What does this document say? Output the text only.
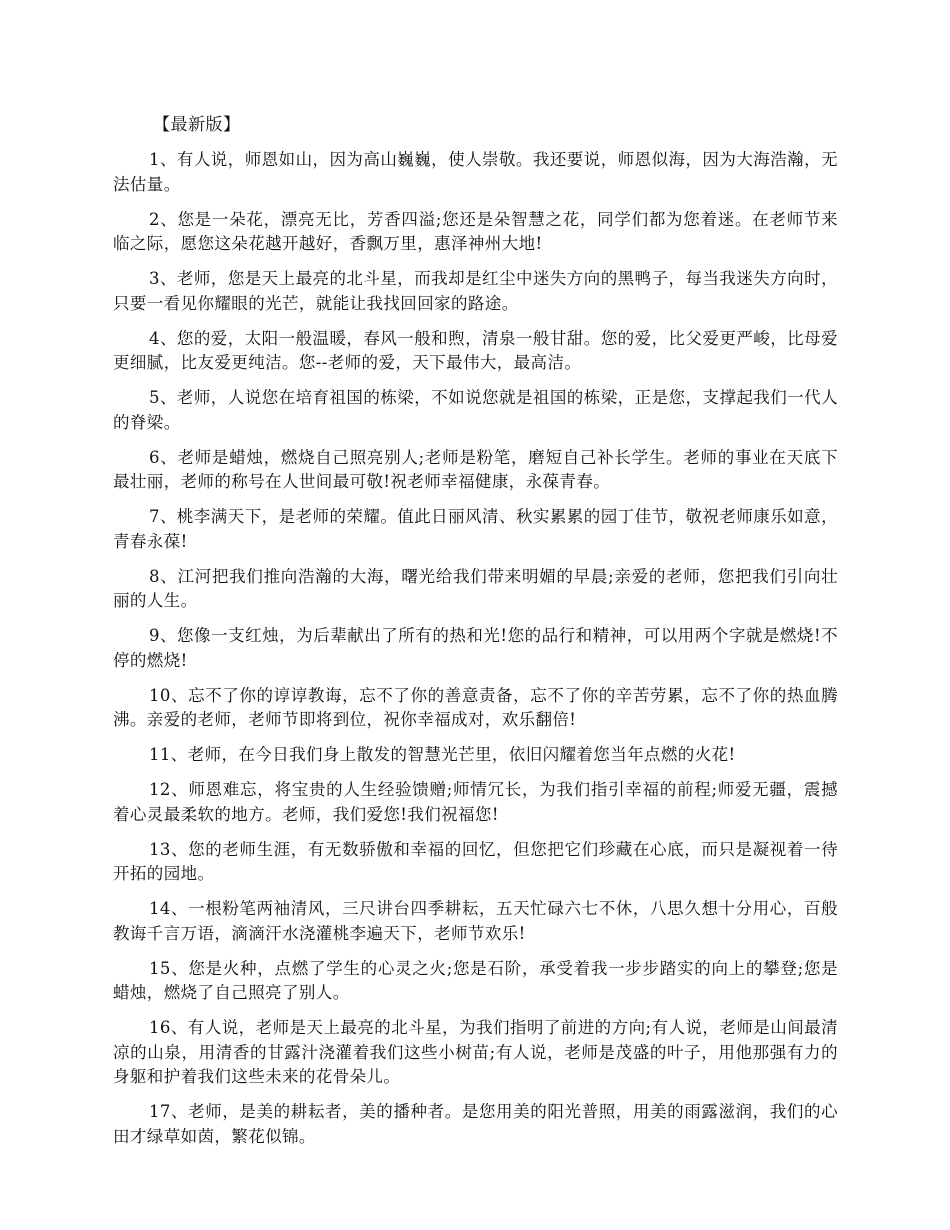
【最新版】

1、有人说，师恩如山，因为高山巍巍，使人崇敬。我还要说，师恩似海，因为大海浩瀚，无法估量。

2、您是一朵花，漂亮无比，芳香四溢;您还是朵智慧之花，同学们都为您着迷。在老师节来临之际，愿您这朵花越开越好，香飘万里，惠泽神州大地!

3、老师，您是天上最亮的北斗星，而我却是红尘中迷失方向的黑鸭子，每当我迷失方向时，只要一看见你耀眼的光芒，就能让我找回回家的路途。

4、您的爱，太阳一般温暖，春风一般和煦，清泉一般甘甜。您的爱，比父爱更严峻，比母爱更细腻，比友爱更纯洁。您--老师的爱，天下最伟大，最高洁。

5、老师，人说您在培育祖国的栋梁，不如说您就是祖国的栋梁，正是您，支撑起我们一代人的脊梁。

6、老师是蜡烛，燃烧自己照亮别人;老师是粉笔，磨短自己补长学生。老师的事业在天底下最壮丽，老师的称号在人世间最可敬!祝老师幸福健康，永葆青春。

7、桃李满天下，是老师的荣耀。值此日丽风清、秋实累累的园丁佳节，敬祝老师康乐如意，青春永葆!

8、江河把我们推向浩瀚的大海，曙光给我们带来明媚的早晨;亲爱的老师，您把我们引向壮丽的人生。

9、您像一支红烛，为后辈献出了所有的热和光!您的品行和精神，可以用两个字就是燃烧!不停的燃烧!

10、忘不了你的谆谆教诲，忘不了你的善意责备，忘不了你的辛苦劳累，忘不了你的热血腾沸。亲爱的老师，老师节即将到位，祝你幸福成对，欢乐翻倍!

11、老师，在今日我们身上散发的智慧光芒里，依旧闪耀着您当年点燃的火花!

12、师恩难忘，将宝贵的人生经验馈赠;师情冗长，为我们指引幸福的前程;师爱无疆，震撼着心灵最柔软的地方。老师，我们爱您!我们祝福您!

13、您的老师生涯，有无数骄傲和幸福的回忆，但您把它们珍藏在心底，而只是凝视着一待开拓的园地。

14、一根粉笔两袖清风，三尺讲台四季耕耘，五天忙碌六七不休，八思久想十分用心，百般教诲千言万语，滴滴汗水浇灌桃李遍天下，老师节欢乐!

15、您是火种，点燃了学生的心灵之火;您是石阶，承受着我一步步踏实的向上的攀登;您是蜡烛，燃烧了自己照亮了别人。

16、有人说，老师是天上最亮的北斗星，为我们指明了前进的方向;有人说，老师是山间最清凉的山泉，用清香的甘露汁浇灌着我们这些小树苗;有人说，老师是茂盛的叶子，用他那强有力的身躯和护着我们这些未来的花骨朵儿。

17、老师，是美的耕耘者，美的播种者。是您用美的阳光普照，用美的雨露滋润，我们的心田才绿草如茵，繁花似锦。
